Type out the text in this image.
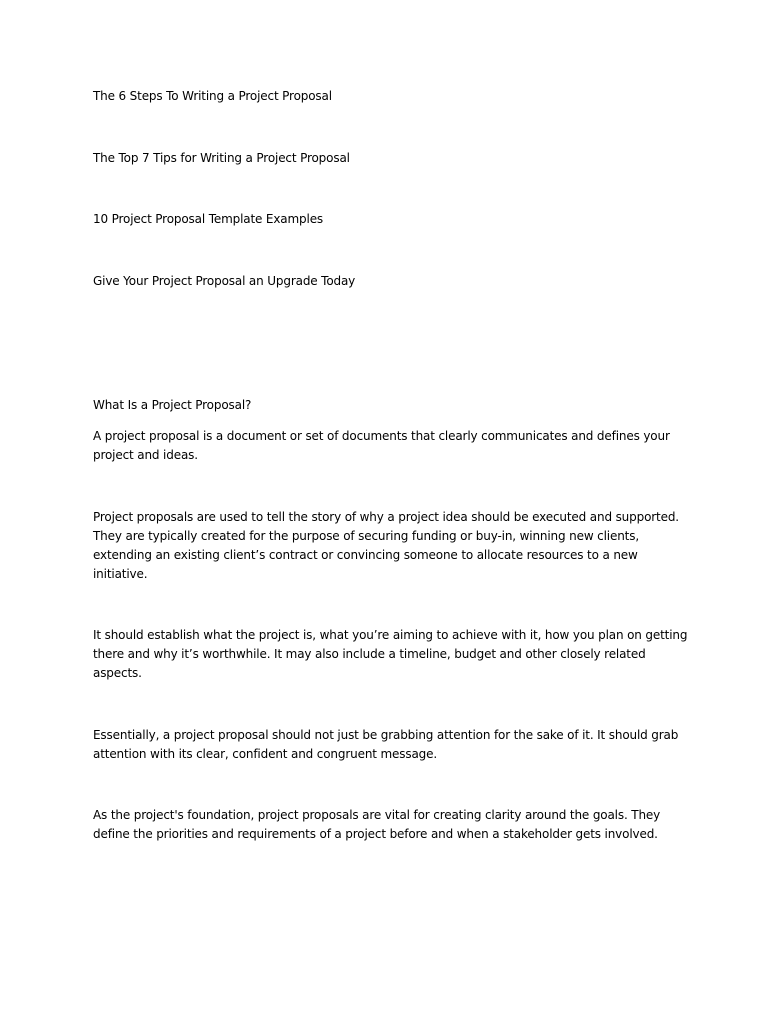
The 6 Steps To Writing a Project Proposal
The Top 7 Tips for Writing a Project Proposal
10 Project Proposal Template Examples
Give Your Project Proposal an Upgrade Today
What Is a Project Proposal?
A project proposal is a document or set of documents that clearly communicates and defines your project and ideas.
Project proposals are used to tell the story of why a project idea should be executed and supported. They are typically created for the purpose of securing funding or buy-in, winning new clients, extending an existing client’s contract or convincing someone to allocate resources to a new initiative.
It should establish what the project is, what you’re aiming to achieve with it, how you plan on getting there and why it’s worthwhile. It may also include a timeline, budget and other closely related aspects.
Essentially, a project proposal should not just be grabbing attention for the sake of it. It should grab attention with its clear, confident and congruent message.
As the project's foundation, project proposals are vital for creating clarity around the goals. They define the priorities and requirements of a project before and when a stakeholder gets involved.
